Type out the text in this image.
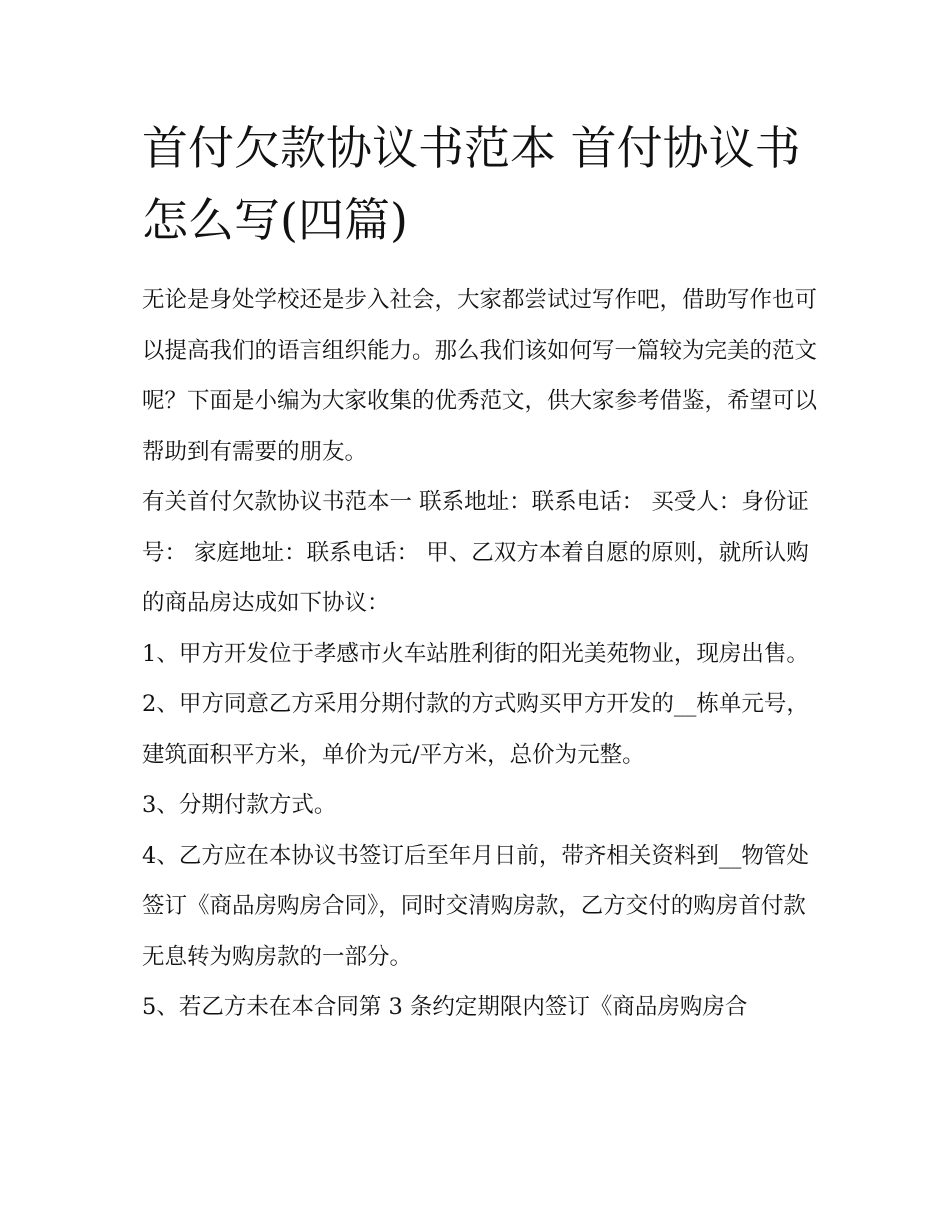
首付欠款协议书范本 首付协议书怎么写(四篇)

无论是身处学校还是步入社会，大家都尝试过写作吧，借助写作也可以提高我们的语言组织能力。那么我们该如何写一篇较为完美的范文呢？下面是小编为大家收集的优秀范文，供大家参考借鉴，希望可以帮助到有需要的朋友。

有关首付欠款协议书范本一 联系地址：联系电话： 买受人：身份证号： 家庭地址：联系电话： 甲、乙双方本着自愿的原则，就所认购的商品房达成如下协议：

1、甲方开发位于孝感市火车站胜利街的阳光美苑物业，现房出售。

2、甲方同意乙方采用分期付款的方式购买甲方开发的__栋单元号，建筑面积平方米，单价为元/平方米，总价为元整。

3、分期付款方式。

4、乙方应在本协议书签订后至年月日前，带齐相关资料到__物管处签订《商品房购房合同》，同时交清购房款，乙方交付的购房首付款无息转为购房款的一部分。

5、若乙方未在本合同第 3 条约定期限内签订《商品房购房合
